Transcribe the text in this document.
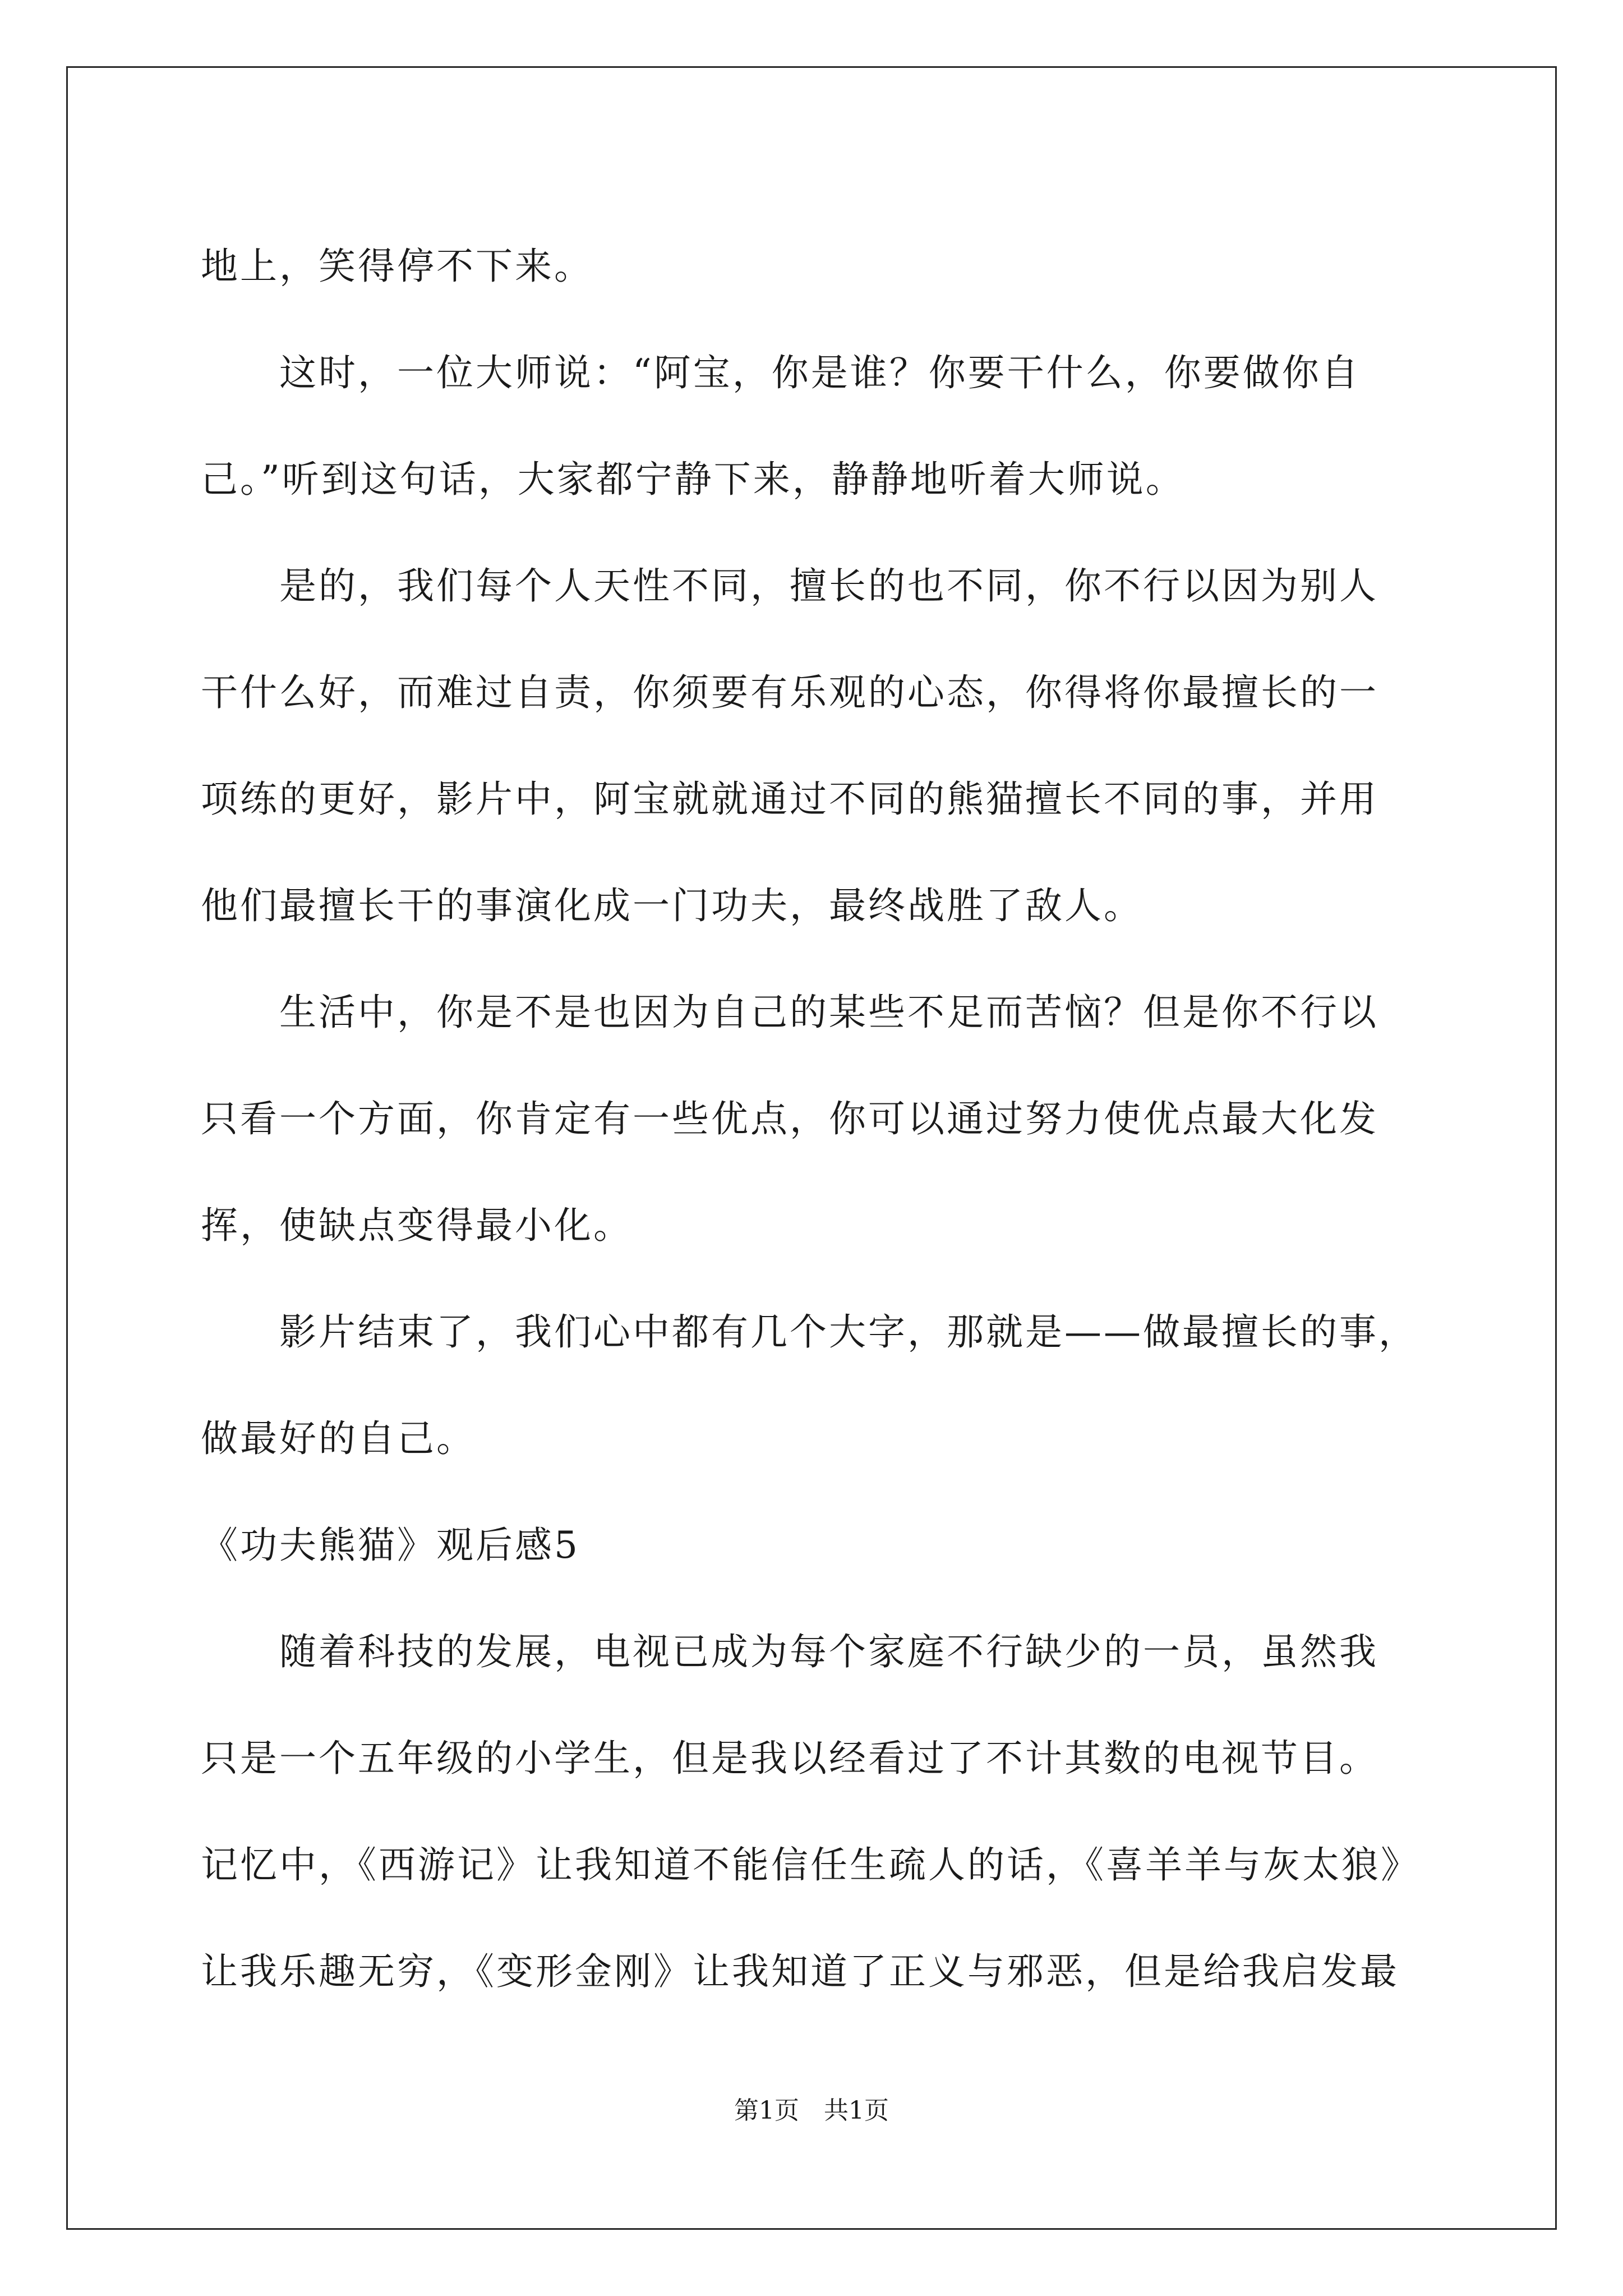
地上，笑得停不下来。
　　这时，一位大师说：“阿宝，你是谁？你要干什么，你要做你自
己。”听到这句话，大家都宁静下来，静静地听着大师说。
　　是的，我们每个人天性不同，擅长的也不同，你不行以因为别人
干什么好，而难过自责，你须要有乐观的心态，你得将你最擅长的一
项练的更好，影片中，阿宝就就通过不同的熊猫擅长不同的事，并用
他们最擅长干的事演化成一门功夫，最终战胜了敌人。
　　生活中，你是不是也因为自己的某些不足而苦恼？但是你不行以
只看一个方面，你肯定有一些优点，你可以通过努力使优点最大化发
挥，使缺点变得最小化。
　　影片结束了，我们心中都有几个大字，那就是——做最擅长的事，
做最好的自己。
《功夫熊猫》观后感5
　　随着科技的发展，电视已成为每个家庭不行缺少的一员，虽然我
只是一个五年级的小学生，但是我以经看过了不计其数的电视节目。
记忆中，《西游记》让我知道不能信任生疏人的话，《喜羊羊与灰太狼》
让我乐趣无穷，《变形金刚》让我知道了正义与邪恶，但是给我启发最
第1页　共1页
